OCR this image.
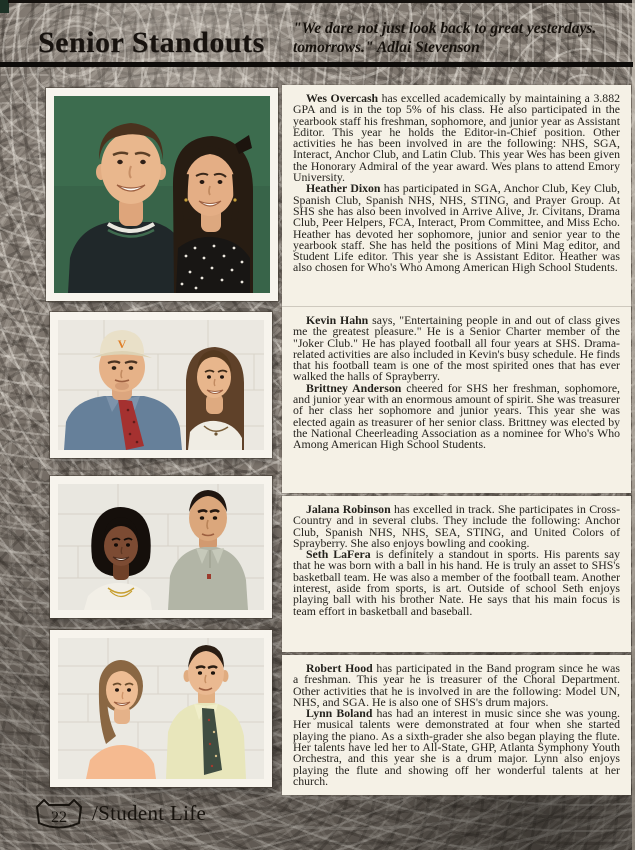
Senior Standouts "We dare not just look back to great yesterdays.
tomorrows." Adlai Stevenson

Wes Overcash has excelled academically by maintaining a 3.882 GPA and is in the top 5% of his class. He also participated in the yearbook staff his freshman, sophomore, and junior year as Assistant Editor. This year he holds the Editor-in-Chief position. Other activities he has been involved in are the following: NHS, SGA, Interact, Anchor Club, and Latin Club. This year Wes has been given the Honorary Admiral of the year award. Wes plans to attend Emory University.

Heather Dixon has participated in SGA, Anchor Club, Key Club, Spanish Club, Spanish NHS, NHS, STING, and Prayer Group. At SHS she has also been involved in Arrive Alive, Jr. Civitans, Drama Club, Peer Helpers, FCA, Interact, Prom Committee, and Miss Echo. Heather has devoted her sophomore, junior and senior year to the yearbook staff. She has held the positions of Mini Mag editor, and Student Life editor. This year she is Assistant Editor. Heather was also chosen for Who's Who Among American High School Students.

V

Kevin Hahn says, "Entertaining people in and out of class gives me the greatest pleasure." He is a Senior Charter member of the "Joker Club." He has played football all four years at SHS. Drama-related activities are also included in Kevin's busy schedule. He finds that his football team is one of the most spirited ones that has ever walked the halls of Sprayberry.

Brittney Anderson cheered for SHS her freshman, sophomore, and junior year with an enormous amount of spirit. She was treasurer of her class her sophomore and junior years. This year she was elected again as treasurer of her senior class. Brittney was elected by the National Cheerleading Association as a nominee for Who's Who Among American High School Students.

Jalana Robinson has excelled in track. She participates in Cross-Country and in several clubs. They include the following: Anchor Club, Spanish NHS, NHS, SEA, STING, and United Colors of Sprayberry. She also enjoys bowling and cooking.

Seth LaFera is definitely a standout in sports. His parents say that he was born with a ball in his hand. He is truly an asset to SHS's basketball team. He was also a member of the football team. Another interest, aside from sports, is art. Outside of school Seth enjoys playing ball with his brother Nate. He says that his main focus is team effort in basketball and baseball.

Robert Hood has participated in the Band program since he was a freshman. This year he is treasurer of the Choral Department. Other activities that he is involved in are the following: Model UN, NHS, and SGA. He is also one of SHS's drum majors.

Lynn Boland has had an interest in music since she was young. Her musical talents were demonstrated at four when she started playing the piano. As a sixth-grader she also began playing the flute. Her talents have led her to All-State, GHP, Atlanta Symphony Youth Orchestra, and this year she is a drum major. Lynn also enjoys playing the flute and showing off her wonderful talents at her church.

22 /Student Life
